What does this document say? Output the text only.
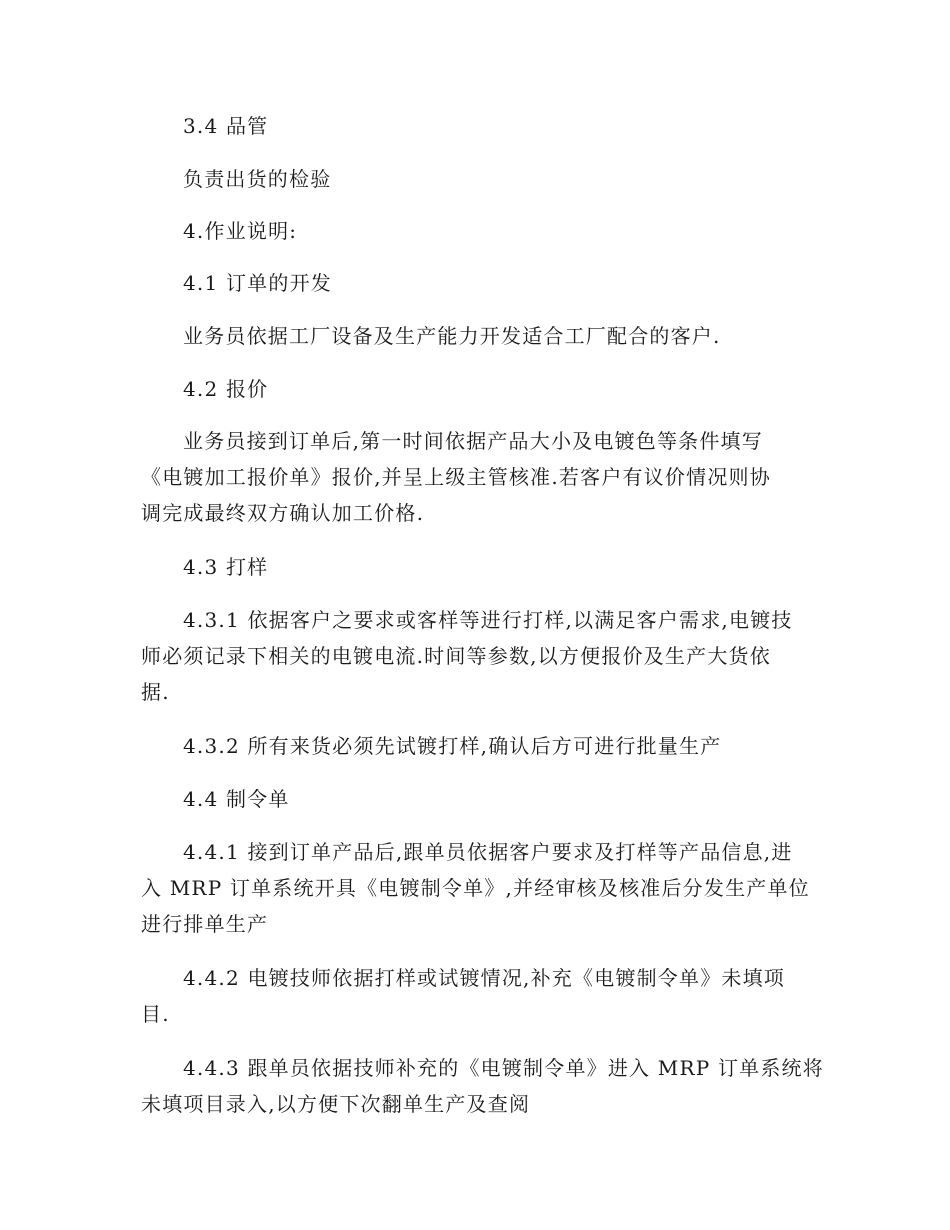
3.4 品管
负责出货的检验
4.作业说明:
4.1 订单的开发
业务员依据工厂设备及生产能力开发适合工厂配合的客户.
4.2 报价
业务员接到订单后,第一时间依据产品大小及电镀色等条件填写
《电镀加工报价单》报价,并呈上级主管核准.若客户有议价情况则协
调完成最终双方确认加工价格.
4.3 打样
4.3.1 依据客户之要求或客样等进行打样,以满足客户需求,电镀技
师必须记录下相关的电镀电流.时间等参数,以方便报价及生产大货依
据.
4.3.2 所有来货必须先试镀打样,确认后方可进行批量生产
4.4 制令单
4.4.1 接到订单产品后,跟单员依据客户要求及打样等产品信息,进
入 MRP 订单系统开具《电镀制令单》,并经审核及核准后分发生产单位
进行排单生产
4.4.2 电镀技师依据打样或试镀情况,补充《电镀制令单》未填项
目.
4.4.3 跟单员依据技师补充的《电镀制令单》进入 MRP 订单系统将
未填项目录入,以方便下次翻单生产及查阅
